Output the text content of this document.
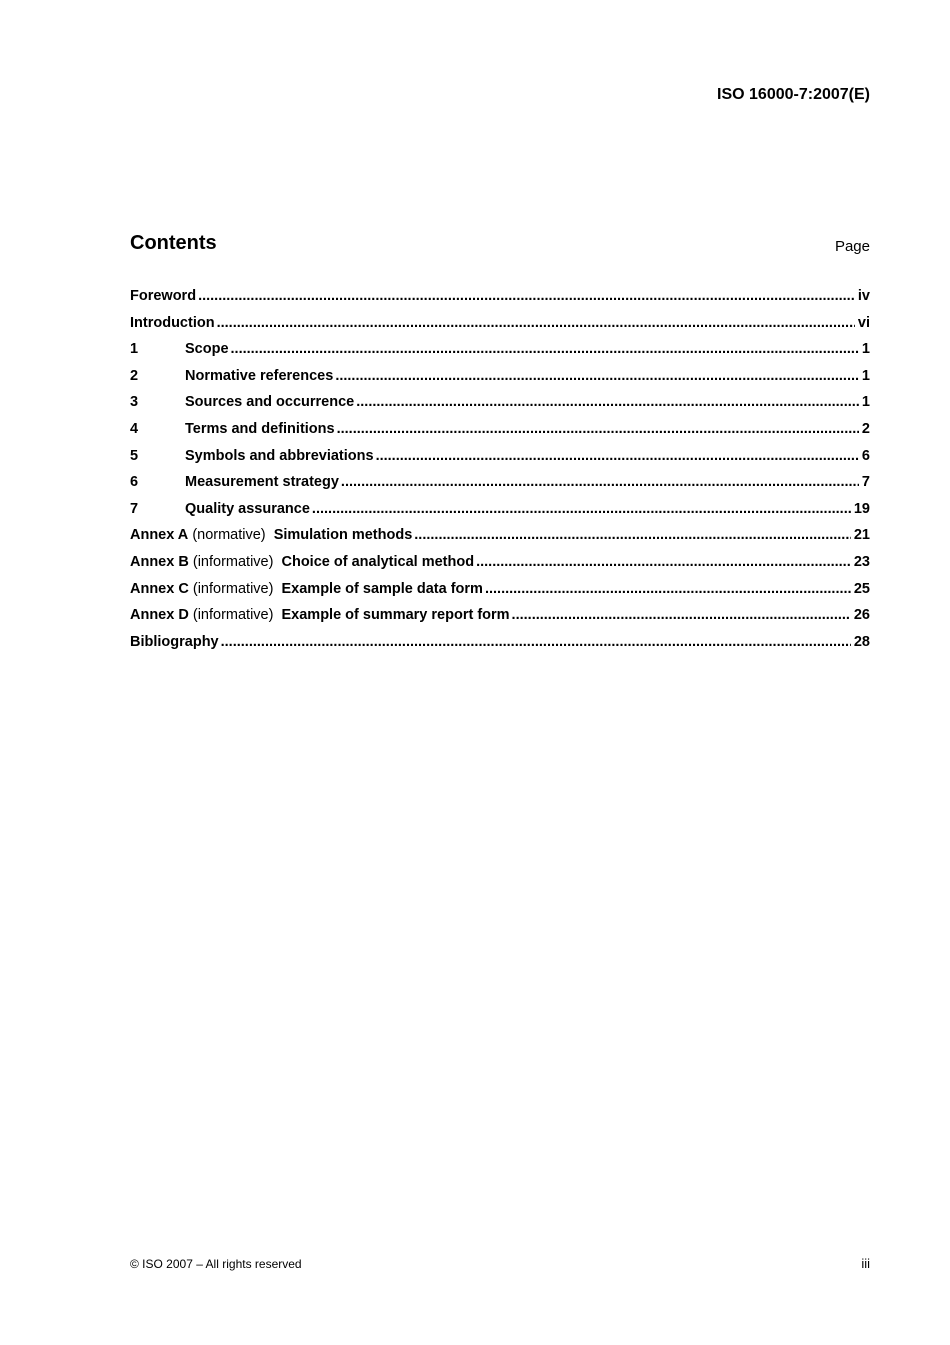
ISO 16000-7:2007(E)
Contents	Page
Foreword .....	iv
Introduction .....	vi
1	Scope .....	1
2	Normative references .....	1
3	Sources and occurrence .....	1
4	Terms and definitions .....	2
5	Symbols and abbreviations .....	6
6	Measurement strategy .....	7
7	Quality assurance .....	19
Annex A (normative) Simulation methods .....	21
Annex B (informative) Choice of analytical method .....	23
Annex C (informative) Example of sample data form .....	25
Annex D (informative) Example of summary report form .....	26
Bibliography .....	28
© ISO 2007 – All rights reserved	iii
